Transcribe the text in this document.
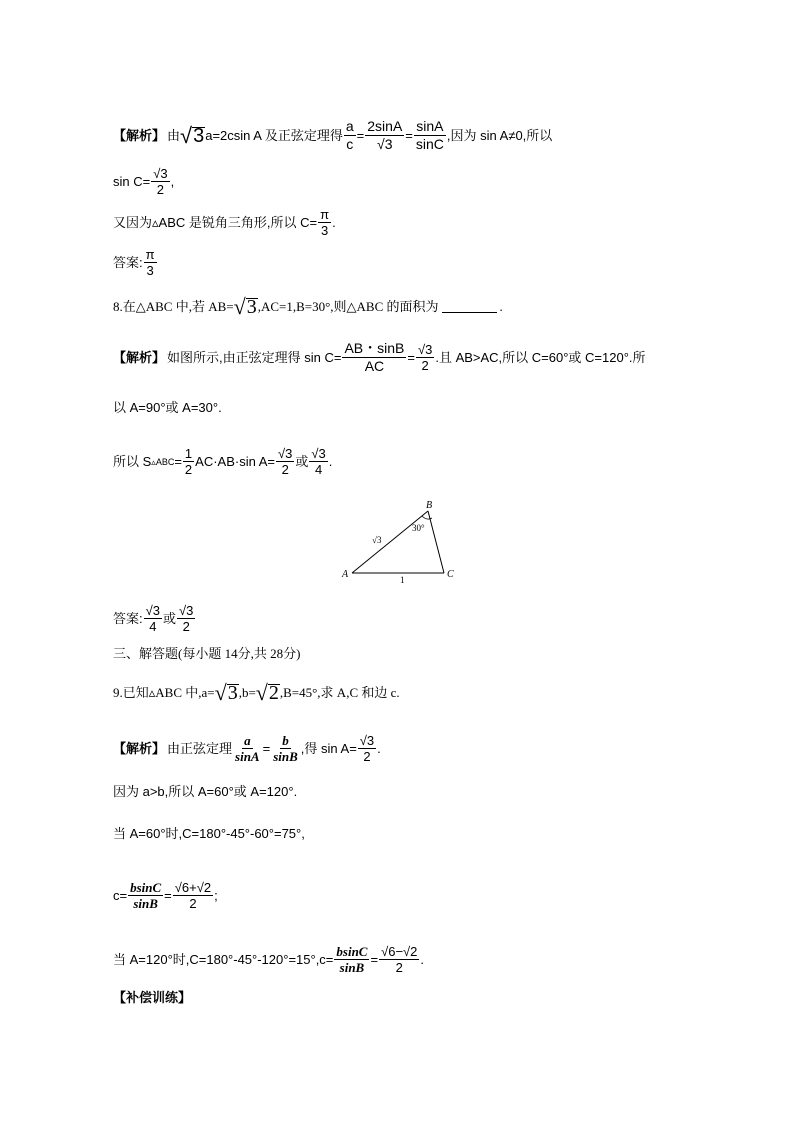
【解析】 由 √ 3 a=2csin A 及正弦定理得 $\frac{a}{c} = \frac{2\sin A}{√3} = \frac{\sin A}{\sin C}$ ,因为 sin A≠0,所以
$\sin C= \frac{√3}{2}$ ,
又因为▵ABC 是锐角三角形,所以 $C= \frac{\pi}{3}$ .
答案: $\frac{\pi}{3}$
8.在△ABC 中,若 AB= √ 3 ,AC=1,B=30°,则△ABC 的面积为	.
【解析】 如图所示,由正弦定理得 $\sin C= \frac{AB・\sin B}{AC} = \frac{√3}{2}$ .且 AB>AC,所以 C=60°或 C=120°.所
以 A=90°或 A=30°.
所以 S ▵ABC = $\frac{1}{2} AC\cdot AB\cdot\sin$ $A= \frac{√3}{2}$ 或 $\frac{√3}{4}$ .
B
A	C
30°
√3
1
答案: $\frac{√3}{4}$ 或 $\frac{√3}{2}$
三、解答题(每小题 14分,共 28分)
9.已知▵ABC 中,a= √ 3 ,b= √ 2 ,B=45°,求 A,C 和边 c.
【解析】 由正弦定理 $\frac{a}{\sin A} = \frac{b}{\sin B}$ ,得 $\sin A= \frac{√3}{2}$ .
因为 a>b,所以 A=60°或 A=120°.
当 A=60°时,C=180°-45°-60°=75°,
$c= \frac{bsinC}{\sin B} = \frac{√6+√2}{2}$ ;
当 A=120°时$,C=180^\circ-45^\circ-120^\circ=15^\circ,c= \frac{bsinC}{\sin B} = \frac{√6-√2}{2}$ .
【补偿训练】
